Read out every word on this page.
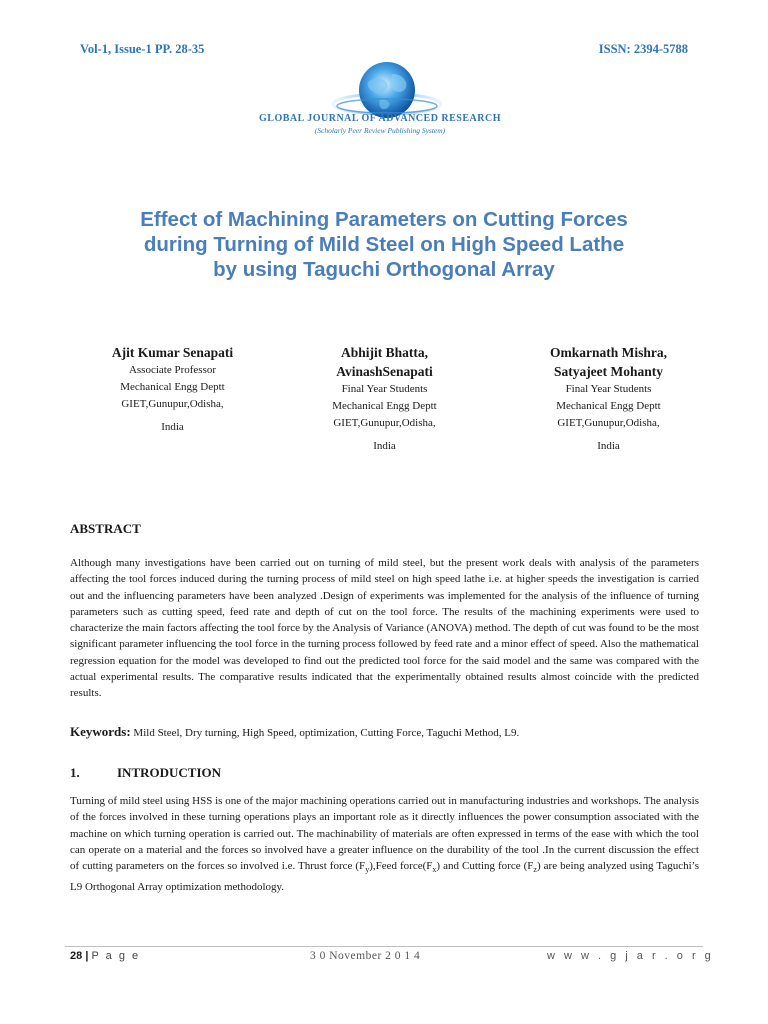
Vol-1, Issue-1 PP. 28-35	ISSN: 2394-5788
GLOBAL JOURNAL OF ADVANCED RESEARCH
(Scholarly Peer Review Publishing System)
Effect of Machining Parameters on Cutting Forces
during Turning of Mild Steel on High Speed Lathe
by using Taguchi Orthogonal Array
Ajit Kumar Senapati
Associate Professor
Mechanical Engg Deptt
GIET,Gunupur,Odisha,
India
Abhijit Bhatta,
AvinashSenapati
Final Year Students
Mechanical Engg Deptt
GIET,Gunupur,Odisha,
India
Omkarnath Mishra,
Satyajeet Mohanty
Final Year Students
Mechanical Engg Deptt
GIET,Gunupur,Odisha,
India
ABSTRACT
Although many investigations have been carried out on turning of mild steel, but the present work deals with analysis of the parameters affecting the tool forces induced during the turning process of mild steel on high speed lathe i.e. at higher speeds the investigation is carried out and the influencing parameters have been analyzed .Design of experiments was implemented for the analysis of the influence of turning parameters such as cutting speed, feed rate and depth of cut on the tool force. The results of the machining experiments were used to characterize the main factors affecting the tool force by the Analysis of Variance (ANOVA) method. The depth of cut was found to be the most significant parameter influencing the tool force in the turning process followed by feed rate and a minor effect of speed. Also the mathematical regression equation for the model was developed to find out the predicted tool force for the said model and the same was compared with the actual experimental results. The comparative results indicated that the experimentally obtained results almost coincide with the predicted results.
Keywords: Mild Steel, Dry turning, High Speed, optimization, Cutting Force, Taguchi Method, L9.
1.	INTRODUCTION
Turning of mild steel using HSS is one of the major machining operations carried out in manufacturing industries and workshops. The analysis of the forces involved in these turning operations plays an important role as it directly influences the power consumption associated with the machine on which turning operation is carried out. The machinability of materials are often expressed in terms of the ease with which the tool can operate on a material and the forces so involved have a greater influence on the durability of the tool .In the current discussion the effect of cutting parameters on the forces so involved i.e. Thrust force $(F_y),Feed$ $force(F_x)$ and Cutting force $(F_z)$ are being analyzed using Taguchi’s L9 Orthogonal Array optimization methodology.
28 | P a g e	3 0 November 2 0 1 4	w w w . g j a r . o r g
